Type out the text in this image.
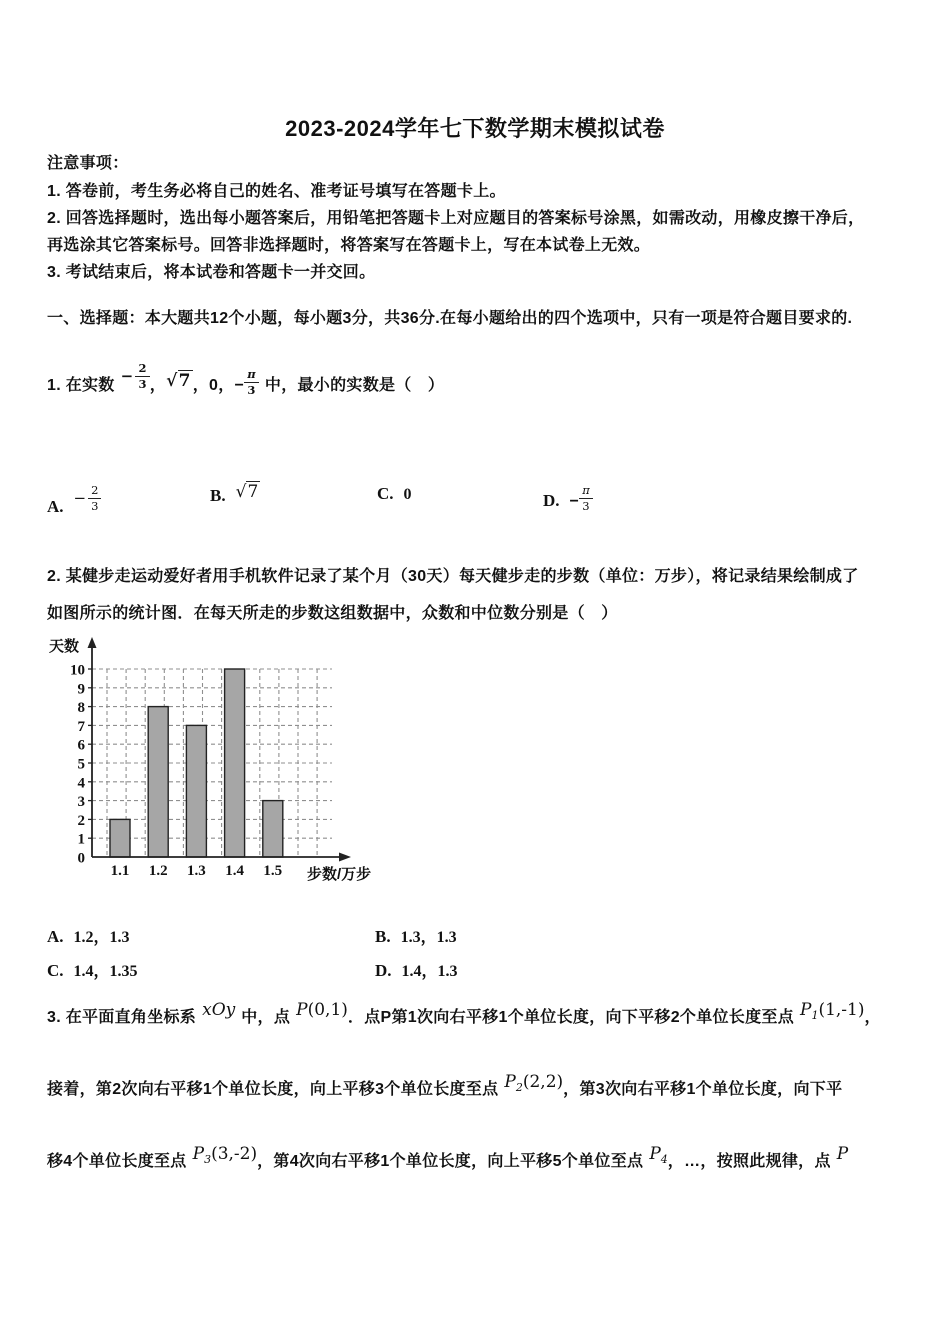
2023-2024学年七下数学期末模拟试卷
注意事项：
1. 答卷前，考生务必将自己的姓名、准考证号填写在答题卡上。
2. 回答选择题时，选出每小题答案后，用铅笔把答题卡上对应题目的答案标号涂黑，如需改动，用橡皮擦干净后，
再选涂其它答案标号。回答非选择题时，将答案写在答题卡上，写在本试卷上无效。
3. 考试结束后，将本试卷和答题卡一并交回。
一、选择题：本大题共12个小题，每小题3分，共36分.在每小题给出的四个选项中，只有一项是符合题目要求的.
1. 在实数
− $\frac{2}{3}$ ，√7 ，0，−
π
3 中，最小的实数是（　）
A. − $\frac{2}{3}$	B. √7	C. 0	D. −
π
3
2. 某健步走运动爱好者用手机软件记录了某个月（30天）每天健步走的步数（单位：万步），将记录结果绘制成了
如图所示的统计图．在每天所走的步数这组数据中，众数和中位数分别是（　）
0
1
2
3
4
5
6
7
8
9
10
1.1 1.2 1.3 1.4 1.5
天数
步数/万步
A. 1.2，1.3	B. 1.3，1.3
C. 1.4，1.35	D. 1.4，1.3
3. 在平面直角坐标系 xOy 中，点 P(0,1)．点P第1次向右平移1个单位长度，向下平移2个单位长度至点 $P_1(1,-1)$，
接着，第2次向右平移1个单位长度，向上平移3个单位长度至点 $P_2(2,2)$，第3次向右平移1个单位长度，向下平
移4个单位长度至点 $P_3(3,-2)$，第4次向右平移1个单位长度，向上平移5个单位至点 $P_4$，…，按照此规律，点 P
